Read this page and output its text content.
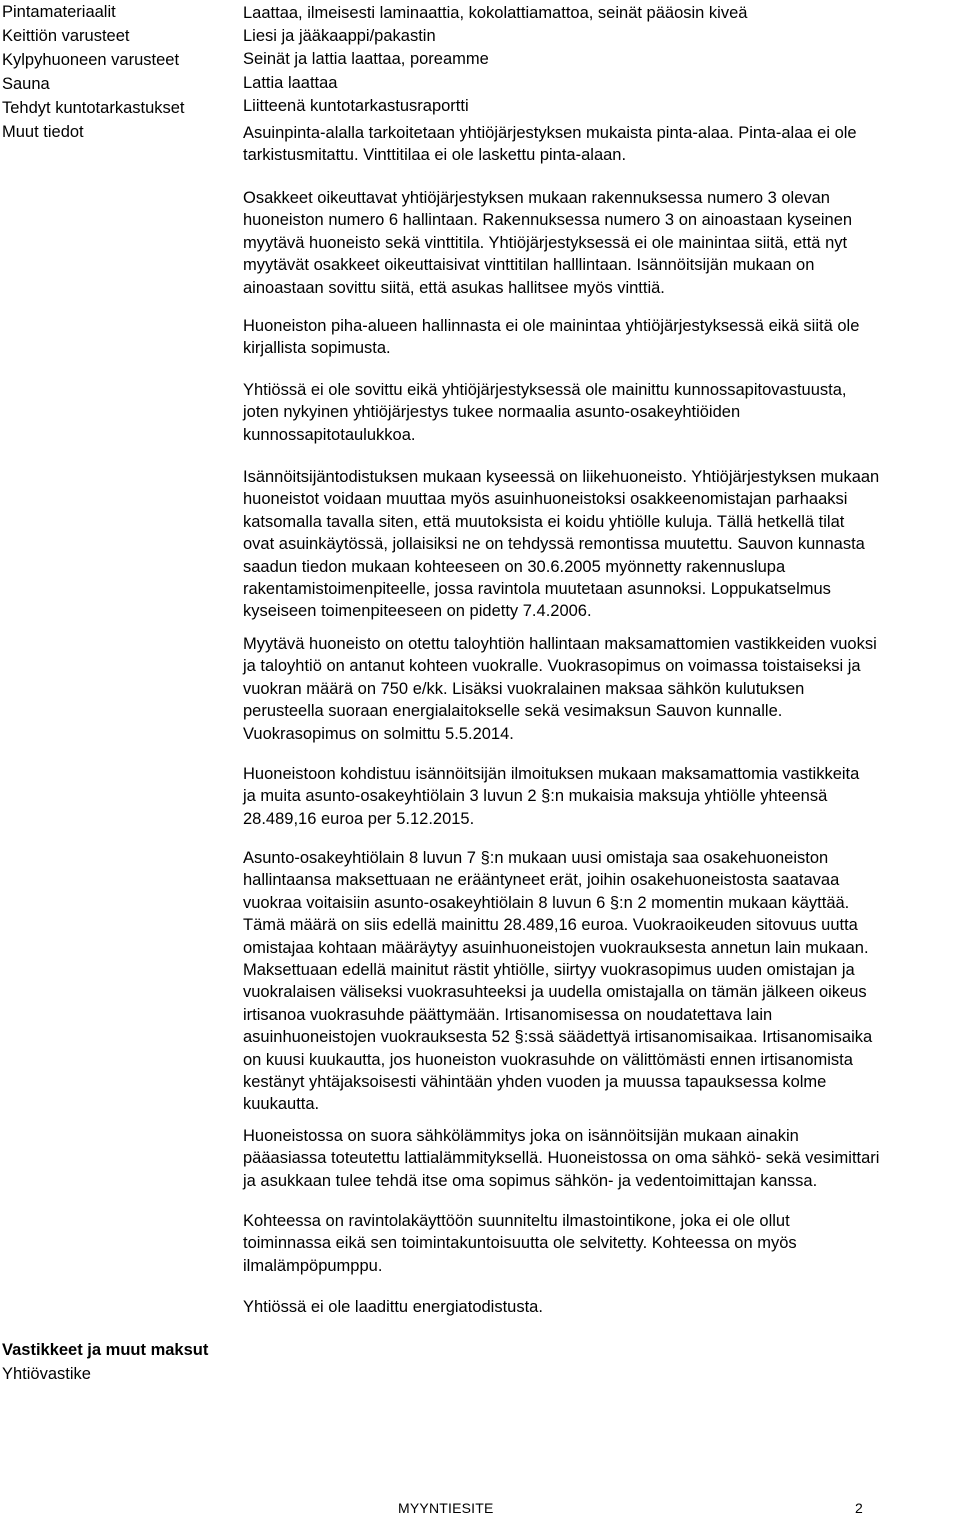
Pintamateriaalit
Keittiön varusteet
Kylpyhuoneen varusteet
Sauna
Tehdyt kuntotarkastukset
Muut tiedot
Laattaa, ilmeisesti laminaattia, kokolattiamattoa, seinät pääosin kiveä
Liesi ja jääkaappi/pakastin
Seinät ja lattia laattaa, poreamme
Lattia laattaa
Liitteenä kuntotarkastusraportti
Asuinpinta-alalla tarkoitetaan yhtiöjärjestyksen mukaista pinta-alaa. Pinta-alaa ei ole
tarkistusmitattu. Vinttitilaa ei ole laskettu pinta-alaan.
Osakkeet oikeuttavat yhtiöjärjestyksen mukaan rakennuksessa numero 3 olevan
huoneiston numero 6 hallintaan. Rakennuksessa numero 3 on ainoastaan kyseinen
myytävä huoneisto sekä vinttitila. Yhtiöjärjestyksessä ei ole mainintaa siitä, että nyt
myytävät osakkeet oikeuttaisivat vinttitilan halllintaan. Isännöitsijän mukaan on
ainoastaan sovittu siitä, että asukas hallitsee myös vinttiä.
Huoneiston piha-alueen hallinnasta ei ole mainintaa yhtiöjärjestyksessä eikä siitä ole
kirjallista sopimusta.
Yhtiössä ei ole sovittu eikä yhtiöjärjestyksessä ole mainittu kunnossapitovastuusta,
joten nykyinen yhtiöjärjestys tukee normaalia asunto-osakeyhtiöiden
kunnossapitotaulukkoa.
Isännöitsijäntodistuksen mukaan kyseessä on liikehuoneisto. Yhtiöjärjestyksen mukaan
huoneistot voidaan muuttaa myös asuinhuoneistoksi osakkeenomistajan parhaaksi
katsomalla tavalla siten, että muutoksista ei koidu yhtiölle kuluja. Tällä hetkellä tilat
ovat asuinkäytössä, jollaisiksi ne on tehdyssä remontissa muutettu. Sauvon kunnasta
saadun tiedon mukaan kohteeseen on 30.6.2005 myönnetty rakennuslupa
rakentamistoimenpiteelle, jossa ravintola muutetaan asunnoksi. Loppukatselmus
kyseiseen toimenpiteeseen on pidetty 7.4.2006.
Myytävä huoneisto on otettu taloyhtiön hallintaan maksamattomien vastikkeiden vuoksi
ja taloyhtiö on antanut kohteen vuokralle. Vuokrasopimus on voimassa toistaiseksi ja
vuokran määrä on 750 e/kk. Lisäksi vuokralainen maksaa sähkön kulutuksen
perusteella suoraan energialaitokselle sekä vesimaksun Sauvon kunnalle.
Vuokrasopimus on solmittu 5.5.2014.
Huoneistoon kohdistuu isännöitsijän ilmoituksen mukaan maksamattomia vastikkeita
ja muita asunto-osakeyhtiölain 3 luvun 2 §:n mukaisia maksuja yhtiölle yhteensä
28.489,16 euroa per 5.12.2015.
Asunto-osakeyhtiölain 8 luvun 7 §:n mukaan uusi omistaja saa osakehuoneiston
hallintaansa maksettuaan ne erääntyneet erät, joihin osakehuoneistosta saatavaa
vuokraa voitaisiin asunto-osakeyhtiölain 8 luvun 6 §:n 2 momentin mukaan käyttää.
Tämä määrä on siis edellä mainittu 28.489,16 euroa. Vuokraoikeuden sitovuus uutta
omistajaa kohtaan määräytyy asuinhuoneistojen vuokrauksesta annetun lain mukaan.
Maksettuaan edellä mainitut rästit yhtiölle, siirtyy vuokrasopimus uuden omistajan ja
vuokralaisen väliseksi vuokrasuhteeksi ja uudella omistajalla on tämän jälkeen oikeus
irtisanoa vuokrasuhde päättymään. Irtisanomisessa on noudatettava lain
asuinhuoneistojen vuokrauksesta 52 §:ssä säädettyä irtisanomisaikaa. Irtisanomisaika
on kuusi kuukautta, jos huoneiston vuokrasuhde on välittömästi ennen irtisanomista
kestänyt yhtäjaksoisesti vähintään yhden vuoden ja muussa tapauksessa kolme
kuukautta.
Huoneistossa on suora sähkölämmitys joka on isännöitsijän mukaan ainakin
pääasiassa toteutettu lattialämmityksellä. Huoneistossa on oma sähkö- sekä vesimittari
ja asukkaan tulee tehdä itse oma sopimus sähkön- ja vedentoimittajan kanssa.
Kohteessa on ravintolakäyttöön suunniteltu ilmastointikone, joka ei ole ollut
toiminnassa eikä sen toimintakuntoisuutta ole selvitetty. Kohteessa on myös
ilmalämpöpumppu.
Yhtiössä ei ole laadittu energiatodistusta.
Vastikkeet ja muut maksut
Yhtiövastike
MYYNTIESITE	2
